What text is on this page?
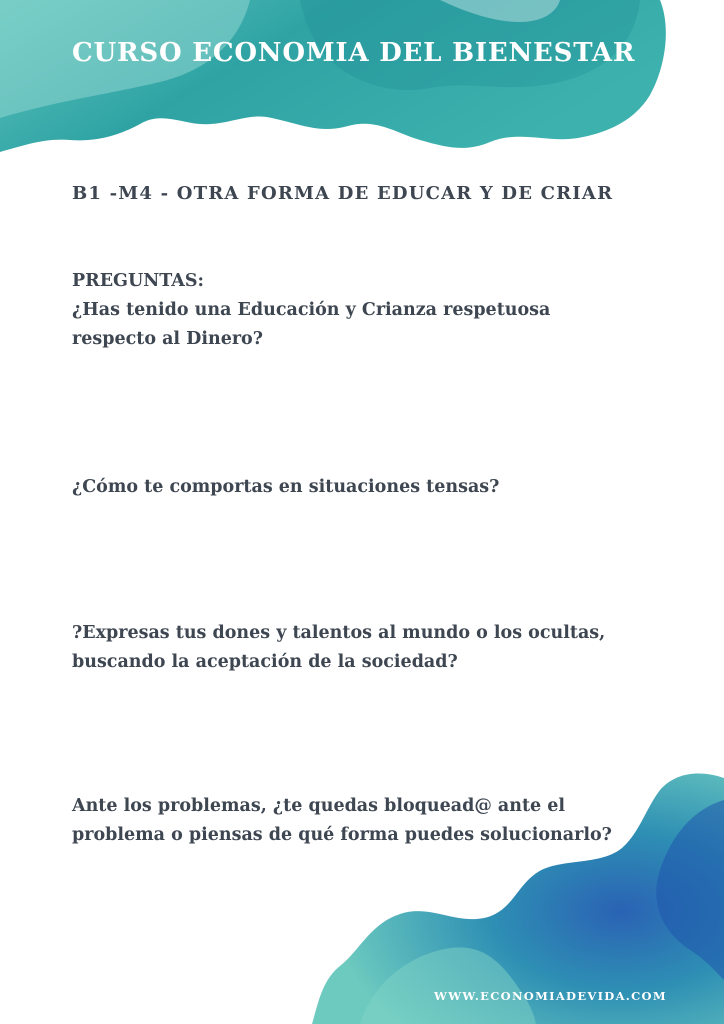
CURSO ECONOMIA DEL BIENESTAR
B1 -M4 - OTRA FORMA DE EDUCAR Y DE CRIAR

PREGUNTAS:

¿Has tenido una Educación y Crianza respetuosa respecto al Dinero?

¿Cómo te comportas en situaciones tensas?

?Expresas tus dones y talentos al mundo o los ocultas, buscando la aceptación de la sociedad?

Ante los problemas, ¿te quedas bloquead@ ante el problema o piensas de qué forma puedes solucionarlo?

WWW.ECONOMIADEVIDA.COM
